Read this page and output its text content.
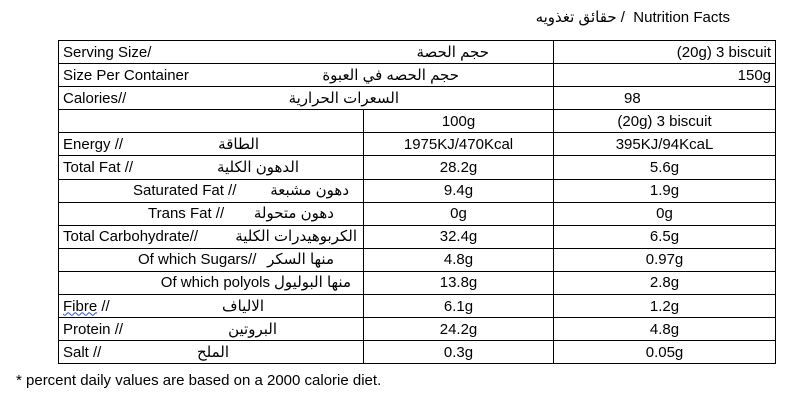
حقائق تغذويه / Nutrition Facts
Serving Size/ حجم الحصة		(20g) 3 biscuit

Size Per Container حجم الحصه في العبوة		150g

Calories// السعرات الحرارية		98
	100g	(20g) 3 biscuit

Energy // الطاقة	1975KJ/470Kcal	395KJ/94KcaL

Total Fat // الدهون الكلية	28.2g	5.6g

Saturated Fat // دهون مشبعة	9.4g	1.9g

Trans Fat // دهون متحولة	0g	0g

Total Carbohydrate// الكربوهيدرات الكلية	32.4g	6.5g

Of which Sugars// منها السكر	4.8g	0.97g

Of which polyols منها البوليول	13.8g	2.8g

Fibre // الالياف	6.1g	1.2g

Protein // البروتين	24.2g	4.8g

Salt // الملح	0.3g	0.05g
* percent daily values are based on a 2000 calorie diet.
